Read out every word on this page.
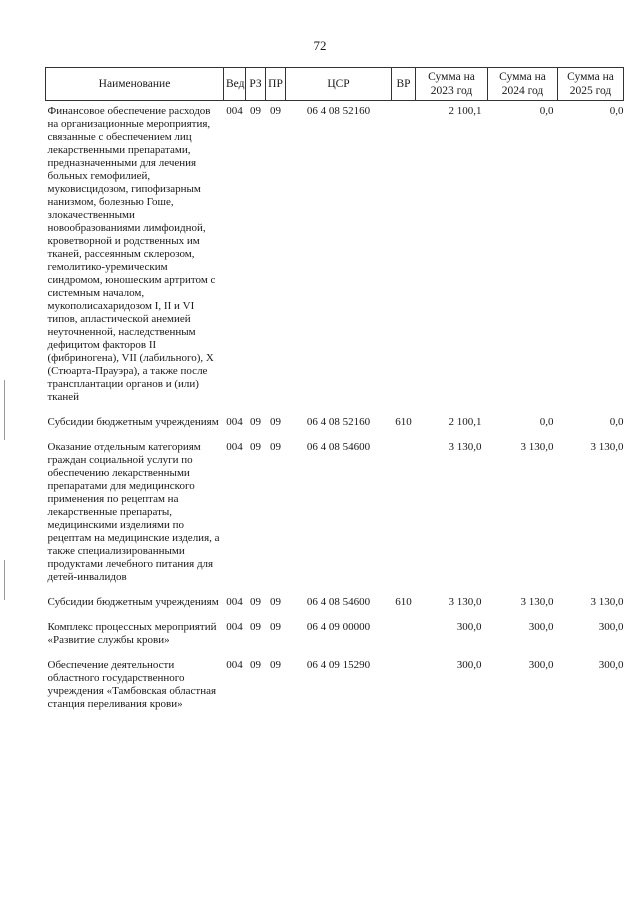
72
Наименование	Вед	РЗ	ПР	ЦСР	ВР	Сумма на 2023 год	Сумма на 2024 год	Сумма на 2025 год
Финансовое обеспечение расходов на организационные мероприятия, связанные с обеспечением лиц лекарственными препаратами, предназначенными для лечения больных гемофилией, муковисцидозом, гипофизарным нанизмом, болезнью Гоше, злокачественными новообразованиями лимфоидной, кроветворной и родственных им тканей, рассеянным склерозом, гемолитико-уремическим синдромом, юношеским артритом с системным началом, мукополисахаридозом I, II и VI типов, апластической анемией неуточненной, наследственным дефицитом факторов II (фибриногена), VII (лабильного), X (Стюарта-Прауэра), а также после трансплантации органов и (или) тканей	004	09	09	06 4 08 52160		2 100,1	0,0	0,0
Субсидии бюджетным учреждениям	004	09	09	06 4 08 52160	610	2 100,1	0,0	0,0
Оказание отдельным категориям граждан социальной услуги по обеспечению лекарственными препаратами для медицинского применения по рецептам на лекарственные препараты, медицинскими изделиями по рецептам на медицинские изделия, а также специализированными продуктами лечебного питания для детей-инвалидов	004	09	09	06 4 08 54600		3 130,0	3 130,0	3 130,0
Субсидии бюджетным учреждениям	004	09	09	06 4 08 54600	610	3 130,0	3 130,0	3 130,0
Комплекс процессных мероприятий «Развитие службы крови»	004	09	09	06 4 09 00000		300,0	300,0	300,0
Обеспечение деятельности областного государственного учреждения «Тамбовская областная станция переливания крови»	004	09	09	06 4 09 15290		300,0	300,0	300,0
